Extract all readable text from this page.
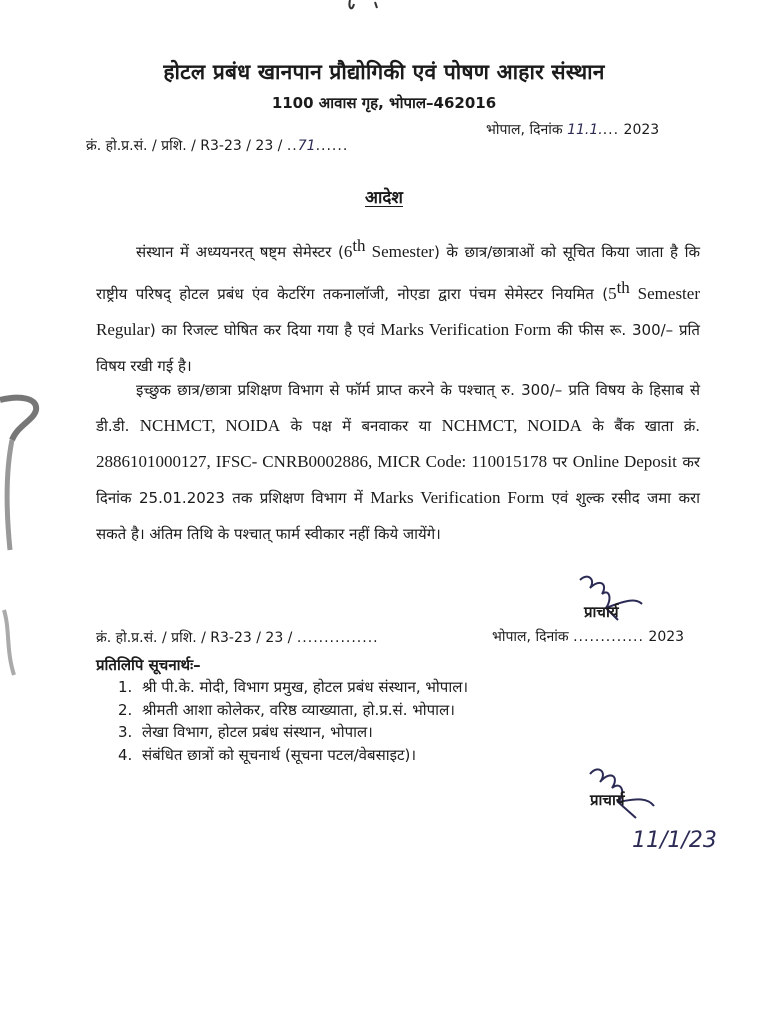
होटल प्रबंध खानपान प्रौद्योगिकी एवं पोषण आहार संस्थान
1100 आवास गृह, भोपाल–462016
क्रं. हो.प्र.सं. / प्रशि. / R3-23 / 23 / ..71......
भोपाल, दिनांक 11.1.... 2023
आदेश
संस्थान में अध्ययनरत् षष्ट्म सेमेस्टर (6th Semester) के छात्र/छात्राओं को सूचित किया जाता है कि राष्ट्रीय परिषद् होटल प्रबंध एंव केटरिंग तकनालॉजी, नोएडा द्वारा पंचम सेमेस्टर नियमित (5th Semester Regular) का रिजल्ट घोषित कर दिया गया है एवं Marks Verification Form की फीस रू. 300/– प्रति विषय रखी गई है।
इच्छुक छात्र/छात्रा प्रशिक्षण विभाग से फॉर्म प्राप्त करने के पश्चात् रु. 300/– प्रति विषय के हिसाब से डी.डी. NCHMCT, NOIDA के पक्ष में बनवाकर या NCHMCT, NOIDA के बैंक खाता क्रं. 2886101000127, IFSC- CNRB0002886, MICR Code: 110015178 पर Online Deposit कर दिनांक 25.01.2023 तक प्रशिक्षण विभाग में Marks Verification Form एवं शुल्क रसीद जमा करा सकते है। अंतिम तिथि के पश्चात् फार्म स्वीकार नहीं किये जायेंगे।
प्राचार्य
क्रं. हो.प्र.सं. / प्रशि. / R3-23 / 23 / ...............	भोपाल, दिनांक ............. 2023
प्रतिलिपि सूचनार्थः–
1. श्री पी.के. मोदी, विभाग प्रमुख, होटल प्रबंध संस्थान, भोपाल।
2. श्रीमती आशा कोलेकर, वरिष्ठ व्याख्याता, हो.प्र.सं. भोपाल।
3. लेखा विभाग, होटल प्रबंध संस्थान, भोपाल।
4. संबंधित छात्रों को सूचनार्थ (सूचना पटल/वेबसाइट)।
प्राचार्य
11/1/23
